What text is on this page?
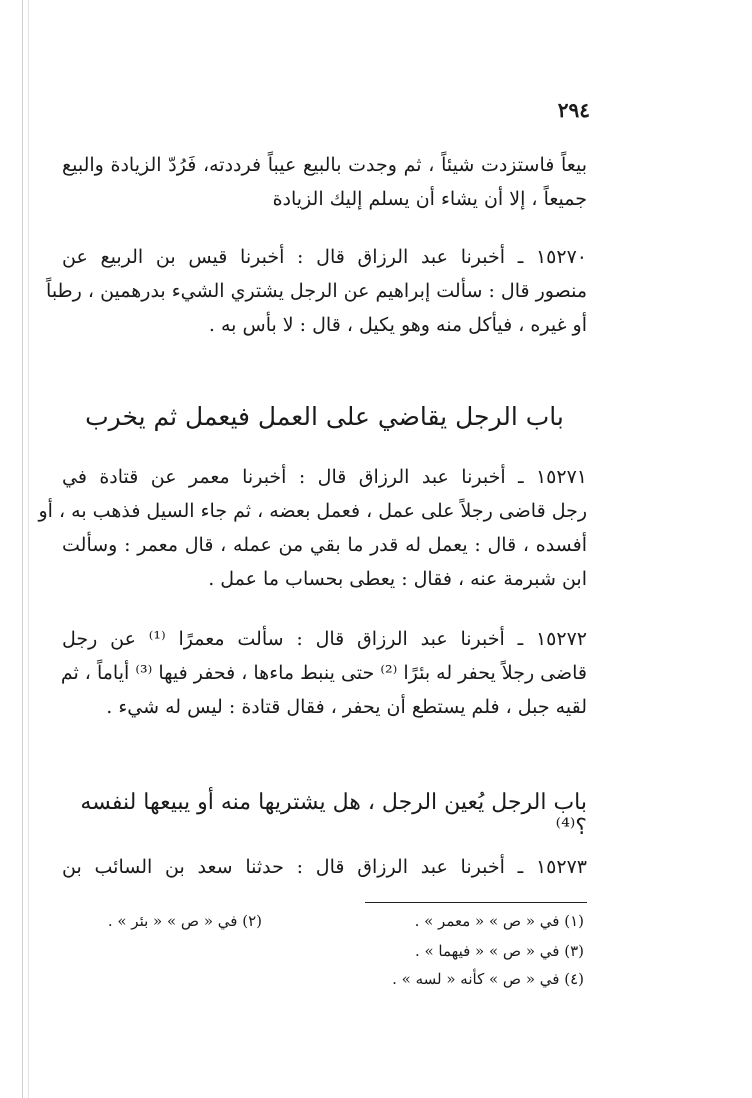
٢٩٤
بيعاً فاستزدت شيئاً ، ثم وجدت بالبيع عيباً فرددته، فَرُدّ الزيادة والبيع
جميعاً ، إلا أن يشاء أن يسلم إليك الزيادة
١٥٢٧٠ ـ أخبرنا عبد الرزاق قال : أخبرنا قيس بن الربيع عن
منصور قال : سألت إبراهيم عن الرجل يشتري الشيء بدرهمين ، رطباً
أو غيره ، فيأكل منه وهو يكيل ، قال : لا بأس به .
باب الرجل يقاضي على العمل فيعمل ثم يخرب
١٥٢٧١ ـ أخبرنا عبد الرزاق قال : أخبرنا معمر عن قتادة في
رجل قاضى رجلاً على عمل ، فعمل بعضه ، ثم جاء السيل فذهب به ، أو
أفسده ، قال : يعمل له قدر ما بقي من عمله ، قال معمر : وسألت
ابن شبرمة عنه ، فقال : يعطى بحساب ما عمل .
١٥٢٧٢ ـ أخبرنا عبد الرزاق قال : سألت معمرًا ⁽¹⁾ عن رجل
قاضى رجلاً يحفر له بئرًا ⁽²⁾ حتى ينبط ماءها ، فحفر فيها ⁽³⁾ أياماً ، ثم
لقيه جبل ، فلم يستطع أن يحفر ، فقال قتادة : ليس له شيء .
باب الرجل يُعين الرجل ، هل يشتريها منه أو يبيعها لنفسه ؟⁽⁴⁾
١٥٢٧٣ ـ أخبرنا عبد الرزاق قال : حدثنا سعد بن السائب بن
(١) في « ص » « معمر » .
(٢) في « ص » « بئر » .
(٣) في « ص » « فيهما » .
(٤) في « ص » كأنه « لسه » .
